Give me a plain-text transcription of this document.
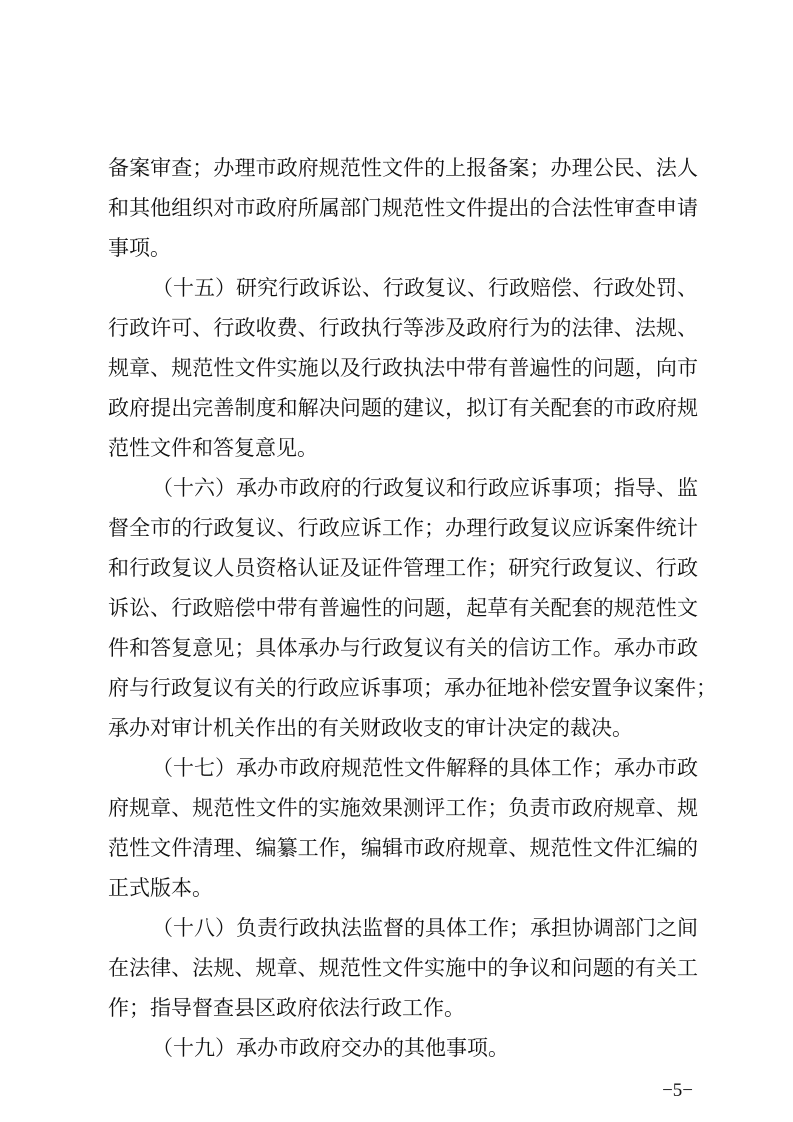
备案审查；办理市政府规范性文件的上报备案；办理公民、法人
和其他组织对市政府所属部门规范性文件提出的合法性审查申请
事项。
（十五）研究行政诉讼、行政复议、行政赔偿、行政处罚、
行政许可、行政收费、行政执行等涉及政府行为的法律、法规、
规章、规范性文件实施以及行政执法中带有普遍性的问题，向市
政府提出完善制度和解决问题的建议，拟订有关配套的市政府规
范性文件和答复意见。
（十六）承办市政府的行政复议和行政应诉事项；指导、监
督全市的行政复议、行政应诉工作；办理行政复议应诉案件统计
和行政复议人员资格认证及证件管理工作；研究行政复议、行政
诉讼、行政赔偿中带有普遍性的问题，起草有关配套的规范性文
件和答复意见；具体承办与行政复议有关的信访工作。承办市政
府与行政复议有关的行政应诉事项；承办征地补偿安置争议案件；
承办对审计机关作出的有关财政收支的审计决定的裁决。
（十七）承办市政府规范性文件解释的具体工作；承办市政
府规章、规范性文件的实施效果测评工作；负责市政府规章、规
范性文件清理、编纂工作，编辑市政府规章、规范性文件汇编的
正式版本。
（十八）负责行政执法监督的具体工作；承担协调部门之间
在法律、法规、规章、规范性文件实施中的争议和问题的有关工
作；指导督查县区政府依法行政工作。
（十九）承办市政府交办的其他事项。
−5−
